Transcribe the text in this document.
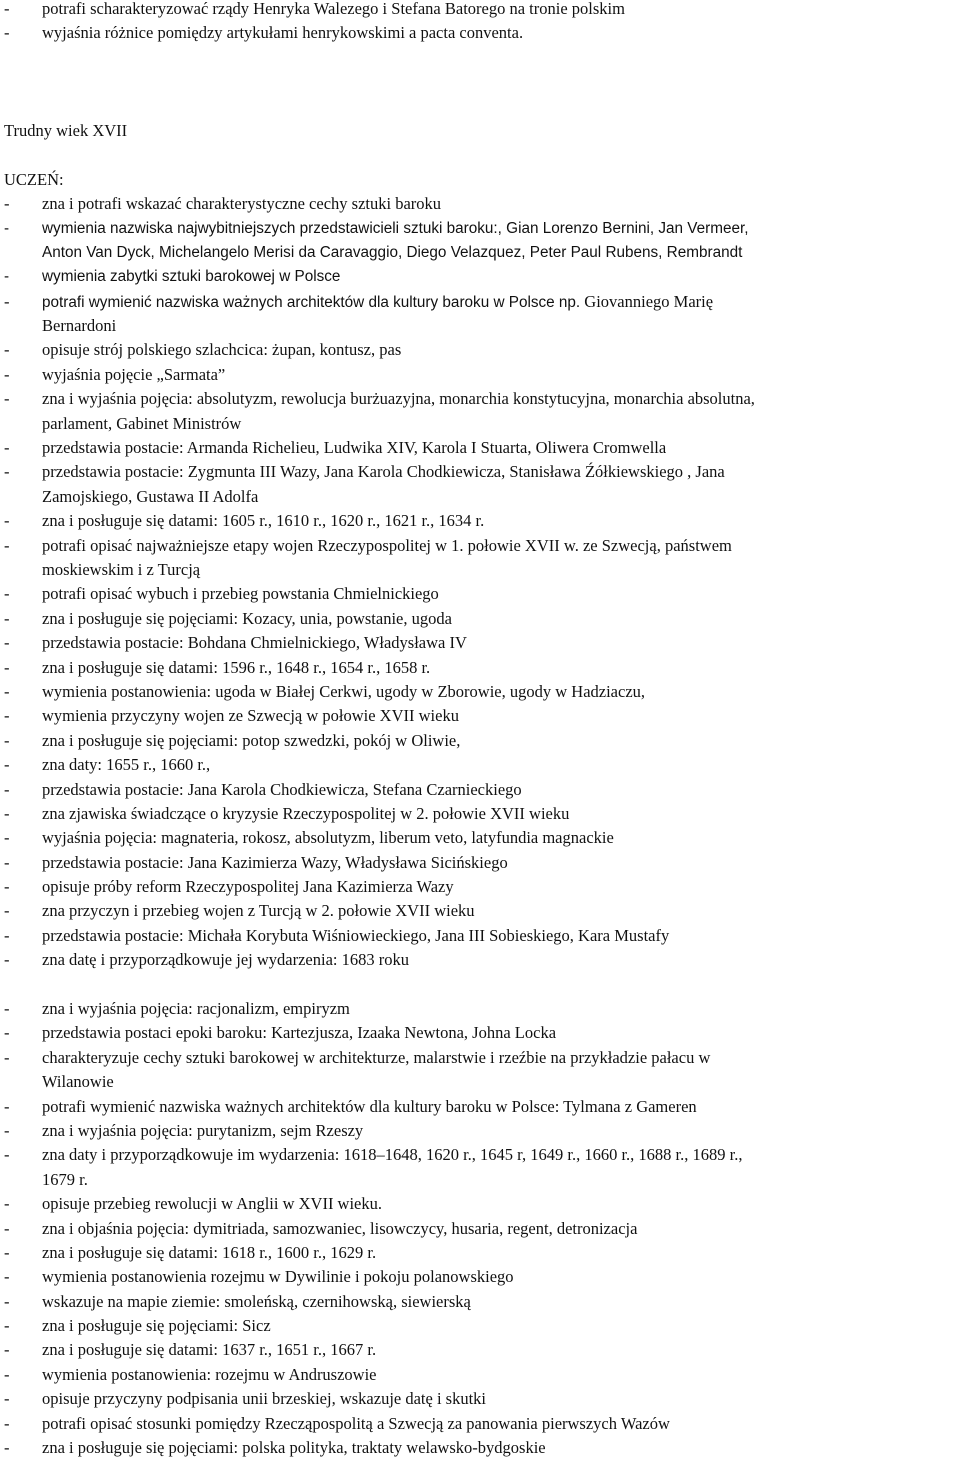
- potrafi scharakteryzować rządy Henryka Walezego i Stefana Batorego na tronie polskim
- wyjaśnia różnice pomiędzy artykułami henrykowskimi a pacta conventa.
Trudny wiek XVII
UCZEŃ:
- zna i potrafi wskazać charakterystyczne cechy sztuki baroku
- wymienia nazwiska najwybitniejszych przedstawicieli sztuki baroku:, Gian Lorenzo Bernini, Jan Vermeer,
Anton Van Dyck, Michelangelo Merisi da Caravaggio, Diego Velazquez, Peter Paul Rubens, Rembrandt
- wymienia zabytki sztuki barokowej w Polsce
- potrafi wymienić nazwiska ważnych architektów dla kultury baroku w Polsce np. Giovanniego Marię
Bernardoni
- opisuje strój polskiego szlachcica: żupan, kontusz, pas
- wyjaśnia pojęcie „Sarmata”
- zna i wyjaśnia pojęcia: absolutyzm, rewolucja burżuazyjna, monarchia konstytucyjna, monarchia absolutna,
parlament, Gabinet Ministrów
- przedstawia postacie: Armanda Richelieu, Ludwika XIV, Karola I Stuarta, Oliwera Cromwella
- przedstawia postacie: Zygmunta III Wazy, Jana Karola Chodkiewicza, Stanisława Źółkiewskiego , Jana
Zamojskiego, Gustawa II Adolfa
- zna i posługuje się datami: 1605 r., 1610 r., 1620 r., 1621 r., 1634 r.
- potrafi opisać najważniejsze etapy wojen Rzeczypospolitej w 1. połowie XVII w. ze Szwecją, państwem
moskiewskim i z Turcją
- potrafi opisać wybuch i przebieg powstania Chmielnickiego
- zna i posługuje się pojęciami: Kozacy, unia, powstanie, ugoda
- przedstawia postacie: Bohdana Chmielnickiego, Władysława IV
- zna i posługuje się datami: 1596 r., 1648 r., 1654 r., 1658 r.
- wymienia postanowienia: ugoda w Białej Cerkwi, ugody w Zborowie, ugody w Hadziaczu,
- wymienia przyczyny wojen ze Szwecją w połowie XVII wieku
- zna i posługuje się pojęciami: potop szwedzki, pokój w Oliwie,
- zna daty: 1655 r., 1660 r.,
- przedstawia postacie: Jana Karola Chodkiewicza, Stefana Czarnieckiego
- zna zjawiska świadczące o kryzysie Rzeczypospolitej w 2. połowie XVII wieku
- wyjaśnia pojęcia: magnateria, rokosz, absolutyzm, liberum veto, latyfundia magnackie
- przedstawia postacie: Jana Kazimierza Wazy, Władysława Sicińskiego
- opisuje próby reform Rzeczypospolitej Jana Kazimierza Wazy
- zna przyczyn i przebieg wojen z Turcją w 2. połowie XVII wieku
- przedstawia postacie: Michała Korybuta Wiśniowieckiego, Jana III Sobieskiego, Kara Mustafy
- zna datę i przyporządkowuje jej wydarzenia: 1683 roku
- zna i wyjaśnia pojęcia: racjonalizm, empiryzm
- przedstawia postaci epoki baroku: Kartezjusza, Izaaka Newtona, Johna Locka
- charakteryzuje cechy sztuki barokowej w architekturze, malarstwie i rzeźbie na przykładzie pałacu w
Wilanowie
- potrafi wymienić nazwiska ważnych architektów dla kultury baroku w Polsce: Tylmana z Gameren
- zna i wyjaśnia pojęcia: purytanizm, sejm Rzeszy
- zna daty i przyporządkowuje im wydarzenia: 1618–1648, 1620 r., 1645 r, 1649 r., 1660 r., 1688 r., 1689 r.,
1679 r.
- opisuje przebieg rewolucji w Anglii w XVII wieku.
- zna i objaśnia pojęcia: dymitriada, samozwaniec, lisowczycy, husaria, regent, detronizacja
- zna i posługuje się datami: 1618 r., 1600 r., 1629 r.
- wymienia postanowienia rozejmu w Dywilinie i pokoju polanowskiego
- wskazuje na mapie ziemie: smoleńską, czernihowską, siewierską
- zna i posługuje się pojęciami: Sicz
- zna i posługuje się datami: 1637 r., 1651 r., 1667 r.
- wymienia postanowienia: rozejmu w Andruszowie
- opisuje przyczyny podpisania unii brzeskiej, wskazuje datę i skutki
- potrafi opisać stosunki pomiędzy Rzecząpospolitą a Szwecją za panowania pierwszych Wazów
- zna i posługuje się pojęciami: polska polityka, traktaty welawsko-bydgoskie
